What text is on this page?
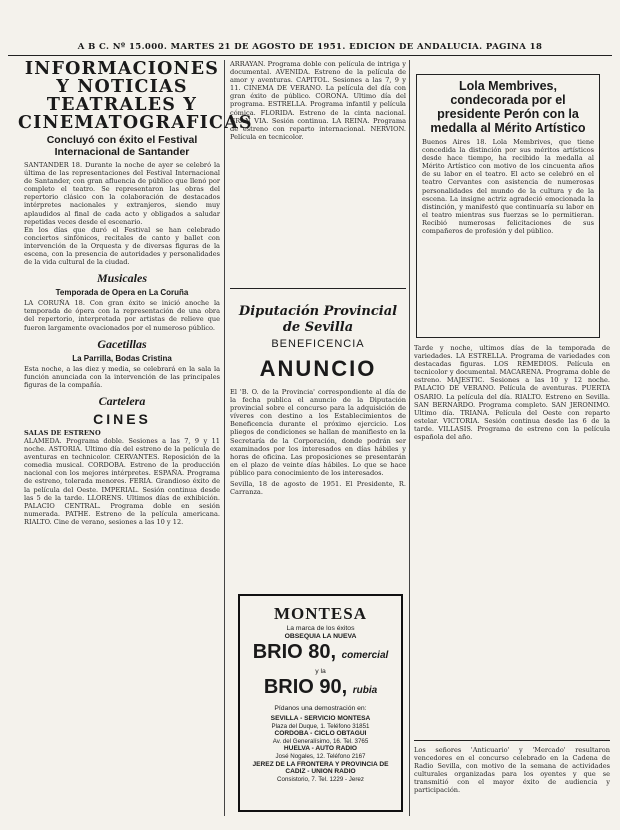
A B C. Nº 15.000. MARTES 21 DE AGOSTO DE 1951. EDICION DE ANDALUCIA. PAGINA 18
INFORMACIONES Y NOTICIAS TEATRALES Y CINEMATOGRAFICAS
Concluyó con éxito el Festival Internacional de Santander

SANTANDER 18. Durante la noche de ayer se celebró la última de las representaciones del Festival Internacional de Santander, con gran afluencia de público que llenó por completo el teatro. Se representaron las obras del repertorio clásico con la colaboración de destacados intérpretes nacionales y extranjeros, siendo muy aplaudidos al final de cada acto y obligados a saludar repetidas veces desde el escenario.

En los días que duró el Festival se han celebrado conciertos sinfónicos, recitales de canto y ballet con intervención de la Orquesta y de diversas figuras de la escena, con la presencia de autoridades y personalidades de la vida cultural de la ciudad.

Musicales
Temporada de Opera en La Coruña

LA CORUÑA 18. Con gran éxito se inició anoche la temporada de ópera con la representación de una obra del repertorio, interpretada por artistas de relieve que fueron largamente ovacionados por el numeroso público.

Gacetillas
La Parrilla, Bodas Cristina

Esta noche, a las diez y media, se celebrará en la sala la función anunciada con la intervención de las principales figuras de la compañía.

Cartelera
CINES

SALAS DE ESTRENO

ALAMEDA. Programa doble. Sesiones a las 7, 9 y 11 noche. ASTORIA. Ultimo día del estreno de la película de aventuras en technicolor. CERVANTES. Reposición de la comedia musical. CORDOBA. Estreno de la producción nacional con los mejores intérpretes. ESPAÑA. Programa de estreno, tolerada menores. FERIA. Grandioso éxito de la película del Oeste. IMPERIAL. Sesión continua desde las 5 de la tarde. LLORENS. Ultimos días de exhibición. PALACIO CENTRAL. Programa doble en sesión numerada. PATHE. Estreno de la película americana. RIALTO. Cine de verano, sesiones a las 10 y 12.

ARRAYAN. Programa doble con película de intriga y documental. AVENIDA. Estreno de la película de amor y aventuras. CAPITOL. Sesiones a las 7, 9 y 11. CINEMA DE VERANO. La película del día con gran éxito de público. CORONA. Ultimo día del programa. ESTRELLA. Programa infantil y película cómica. FLORIDA. Estreno de la cinta nacional. GRAN VIA. Sesión continua. LA REINA. Programa de estreno con reparto internacional. NERVION. Película en tecnicolor.

Diputación Provincial de Sevilla
BENEFICENCIA
ANUNCIO

El 'B. O. de la Provincia' correspondiente al día de la fecha publica el anuncio de la Diputación provincial sobre el concurso para la adquisición de víveres con destino a los Establecimientos de Beneficencia durante el próximo ejercicio. Los pliegos de condiciones se hallan de manifiesto en la Secretaría de la Corporación, donde podrán ser examinados por los interesados en días hábiles y horas de oficina. Las proposiciones se presentarán en el plazo de veinte días hábiles. Lo que se hace público para conocimiento de los interesados.

Sevilla, 18 de agosto de 1951. El Presidente, R. Carranza.

MONTESA
La marca de los éxitos
OBSEQUIA LA NUEVA
BRIO 80, comercial
y la
BRIO 90, rubia
Pídanos una demostración en:

SEVILLA - SERVICIO MONTESA
Plaza del Duque, 1. Teléfono 31851

CORDOBA - CICLO OBTAGUI
Av. del Generalísimo, 16. Tel. 3765

HUELVA - AUTO RADIO
José Nogales, 12. Teléfono 2167

JEREZ DE LA FRONTERA Y PROVINCIA DE CADIZ - UNION RADIO
Consistorio, 7. Tel. 1229 - Jerez

Lola Membrives, condecorada por el presidente Perón con la medalla al Mérito Artístico

Buenos Aires 18. Lola Membrives, que tiene concedida la distinción por sus méritos artísticos desde hace tiempo, ha recibido la medalla al Mérito Artístico con motivo de los cincuenta años de su labor en el teatro. El acto se celebró en el teatro Cervantes con asistencia de numerosas personalidades del mundo de la cultura y de la escena. La insigne actriz agradeció emocionada la distinción, y manifestó que continuaría su labor en el teatro mientras sus fuerzas se lo permitieran. Recibió numerosas felicitaciones de sus compañeros de profesión y del público.

Tarde y noche, ultimos días de la temporada de variedades. LA ESTRELLA. Programa de variedades con destacadas figuras. LOS REMEDIOS. Película en tecnicolor y documental. MACARENA. Programa doble de estreno. MAJESTIC. Sesiones a las 10 y 12 noche. PALACIO DE VERANO. Película de aventuras. PUERTA OSARIO. La película del día. RIALTO. Estreno en Sevilla. SAN BERNARDO. Programa completo. SAN JERONIMO. Ultimo día. TRIANA. Película del Oeste con reparto estelar. VICTORIA. Sesión continua desde las 6 de la tarde. VILLASIS. Programa de estreno con la película española del año.

Los señores 'Anticuario' y 'Mercado' resultaron vencedores en el concurso celebrado en la Cadena de Radio Sevilla, con motivo de la semana de actividades culturales organizadas para los oyentes y que se transmitió con el mayor éxito de audiencia y participación.
